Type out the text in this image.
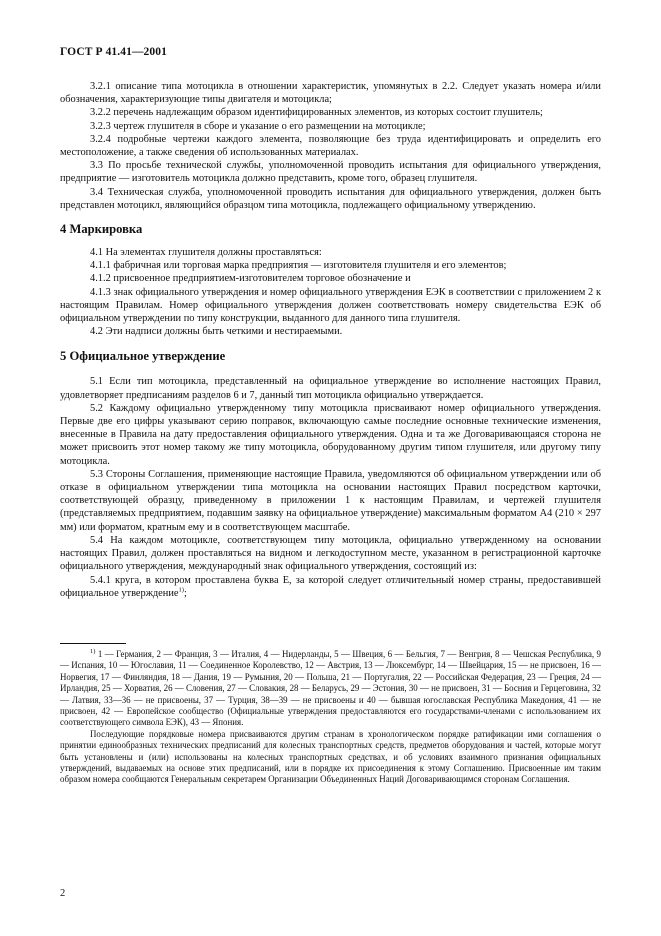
ГОСТ Р 41.41—2001

3.2.1 описание типа мотоцикла в отношении характеристик, упомянутых в 2.2. Следует указать номера и/или обозначения, характеризующие типы двигателя и мотоцикла;

3.2.2 перечень надлежащим образом идентифицированных элементов, из которых состоит глушитель;

3.2.3 чертеж глушителя в сборе и указание о его размещении на мотоцикле;

3.2.4 подробные чертежи каждого элемента, позволяющие без труда идентифицировать и определить его местоположение, а также сведения об использованных материалах.

3.3 По просьбе технической службы, уполномоченной проводить испытания для официального утверждения, предприятие — изготовитель мотоцикла должно представить, кроме того, образец глушителя.

3.4 Техническая служба, уполномоченной проводить испытания для официального утверждения, должен быть представлен мотоцикл, являющийся образцом типа мотоцикла, подлежащего официальному утверждению.

4 Маркировка

4.1 На элементах глушителя должны проставляться:

4.1.1 фабричная или торговая марка предприятия — изготовителя глушителя и его элементов;

4.1.2 присвоенное предприятием-изготовителем торговое обозначение и

4.1.3 знак официального утверждения и номер официального утверждения ЕЭК в соответствии с приложением 2 к настоящим Правилам. Номер официального утверждения должен соответствовать номеру свидетельства ЕЭК об официальном утверждении по типу конструкции, выданного для данного типа глушителя.

4.2 Эти надписи должны быть четкими и нестираемыми.

5 Официальное утверждение

5.1 Если тип мотоцикла, представленный на официальное утверждение во исполнение настоящих Правил, удовлетворяет предписаниям разделов 6 и 7, данный тип мотоцикла официально утверждается.

5.2 Каждому официально утвержденному типу мотоцикла присваивают номер официального утверждения. Первые две его цифры указывают серию поправок, включающую самые последние основные технические изменения, внесенные в Правила на дату предоставления официального утверждения. Одна и та же Договаривающаяся сторона не может присвоить этот номер такому же типу мотоцикла, оборудованному другим типом глушителя, или другому типу мотоцикла.

5.3 Стороны Соглашения, применяющие настоящие Правила, уведомляются об официальном утверждении или об отказе в официальном утверждении типа мотоцикла на основании настоящих Правил посредством карточки, соответствующей образцу, приведенному в приложении 1 к настоящим Правилам, и чертежей глушителя (представляемых предприятием, подавшим заявку на официальное утверждение) максимальным форматом А4 (210 × 297 мм) или форматом, кратным ему и в соответствующем масштабе.

5.4 На каждом мотоцикле, соответствующем типу мотоцикла, официально утвержденному на основании настоящих Правил, должен проставляться на видном и легкодоступном месте, указанном в регистрационной карточке официального утверждения, международный знак официального утверждения, состоящий из:

5.4.1 круга, в котором проставлена буква Е, за которой следует отличительный номер страны, предоставившей официальное утверждение$^{1)}$;

$^{1)}$ 1 — Германия, 2 — Франция, 3 — Италия, 4 — Нидерланды, 5 — Швеция, 6 — Бельгия, 7 — Венгрия, 8 — Чешская Республика, 9 — Испания, 10 — Югославия, 11 — Соединенное Королевство, 12 — Австрия, 13 — Люксембург, 14 — Швейцария, 15 — не присвоен, 16 — Норвегия, 17 — Финляндия, 18 — Дания, 19 — Румыния, 20 — Польша, 21 — Португалия, 22 — Российская Федерация, 23 — Греция, 24 — Ирландия, 25 — Хорватия, 26 — Словения, 27 — Словакия, 28 — Беларусь, 29 — Эстония, 30 — не присвоен, 31 — Босния и Герцеговина, 32 — Латвия, 33—36 — не присвоены, 37 — Турция, 38—39 — не присвоены и 40 — бывшая югославская Республика Македония, 41 — не присвоен, 42 — Европейское сообщество (Официальные утверждения предоставляются его государствами-членами с использованием их соответствующего символа ЕЭК), 43 — Япония.

Последующие порядковые номера присваиваются другим странам в хронологическом порядке ратификации ими соглашения о принятии единообразных технических предписаний для колесных транспортных средств, предметов оборудования и частей, которые могут быть установлены и (или) использованы на колесных транспортных средствах, и об условиях взаимного признания официальных утверждений, выдаваемых на основе этих предписаний, или в порядке их присоединения к этому Соглашению. Присвоенные им таким образом номера сообщаются Генеральным секретарем Организации Объединенных Наций Договаривающимся сторонам Соглашения.

2
